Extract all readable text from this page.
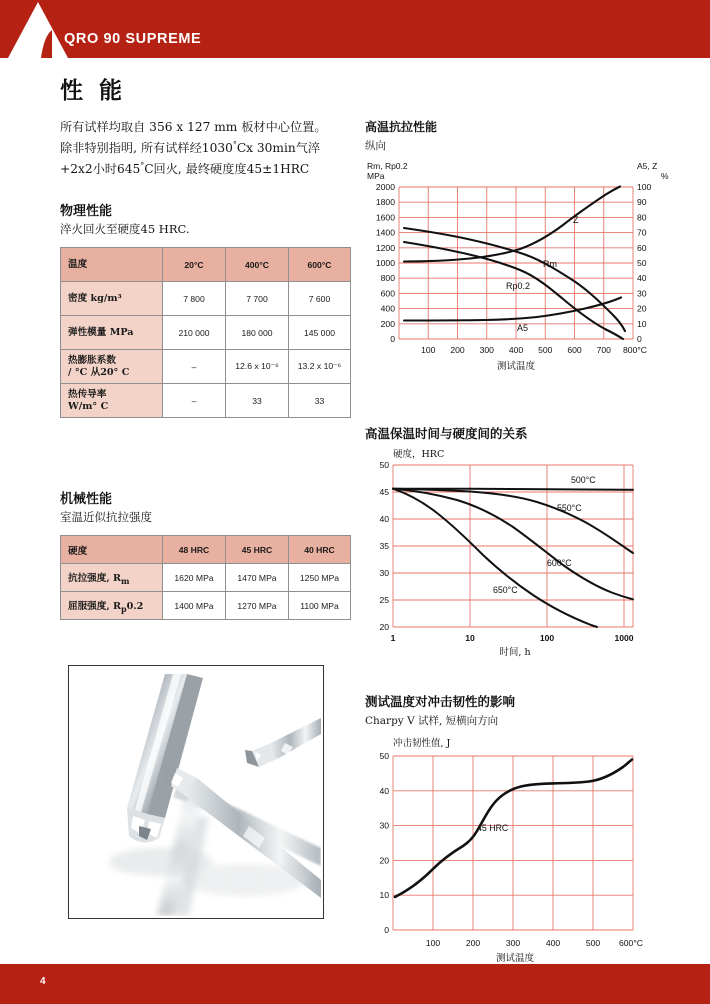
QRO 90 SUPREME
性 能

所有试样均取自 356 x 127 mm 板材中心位置。
除非特别指明, 所有试样经1030°Cx 30min气淬
+2x2小时645°C回火, 最终硬度度45±1HRC

物理性能
淬火回火至硬度45 HRC.
温度	20°C	400°C	600°C
密度 kg/m³	7 800	7 700	7 600
弹性模量 MPa	210 000	180 000	145 000
热膨胀系数
/ °C 从20° C	–	12.6 x 10⁻⁶	13.2 x 10⁻⁶
热传导率
W/m° C	–	33	33
机械性能
室温近似抗拉强度
硬度	48 HRC	45 HRC	40 HRC
抗拉强度, $R_m$	1620 MPa	1470 MPa	1250 MPa
屈服强度, $R_p0.2$	1400 MPa	1270 MPa	1100 MPa
高温抗拉性能
纵向
Rm, Rp0.2
MPa
A5, Z
%
2000
1800
1600
1400
1200
1000
800
600
400
200
0
100
90
80
70
60
50
40
30
20
10
0
100 200 300 400 500 600 700 800°C
测试温度
Z
Rm
Rp0.2
A5
高温保温时间与硬度间的关系
硬度，HRC
50
45
40
35
30
25
20
1	10	100	1000
时间, h
500°C
550°C
600°C
650°C
测试温度对冲击韧性的影响
Charpy V 试样, 短横向方向
冲击韧性值, J
50
40
30
20
10
0
100	200	300	400	500 600°C
测试温度
45 HRC
4
